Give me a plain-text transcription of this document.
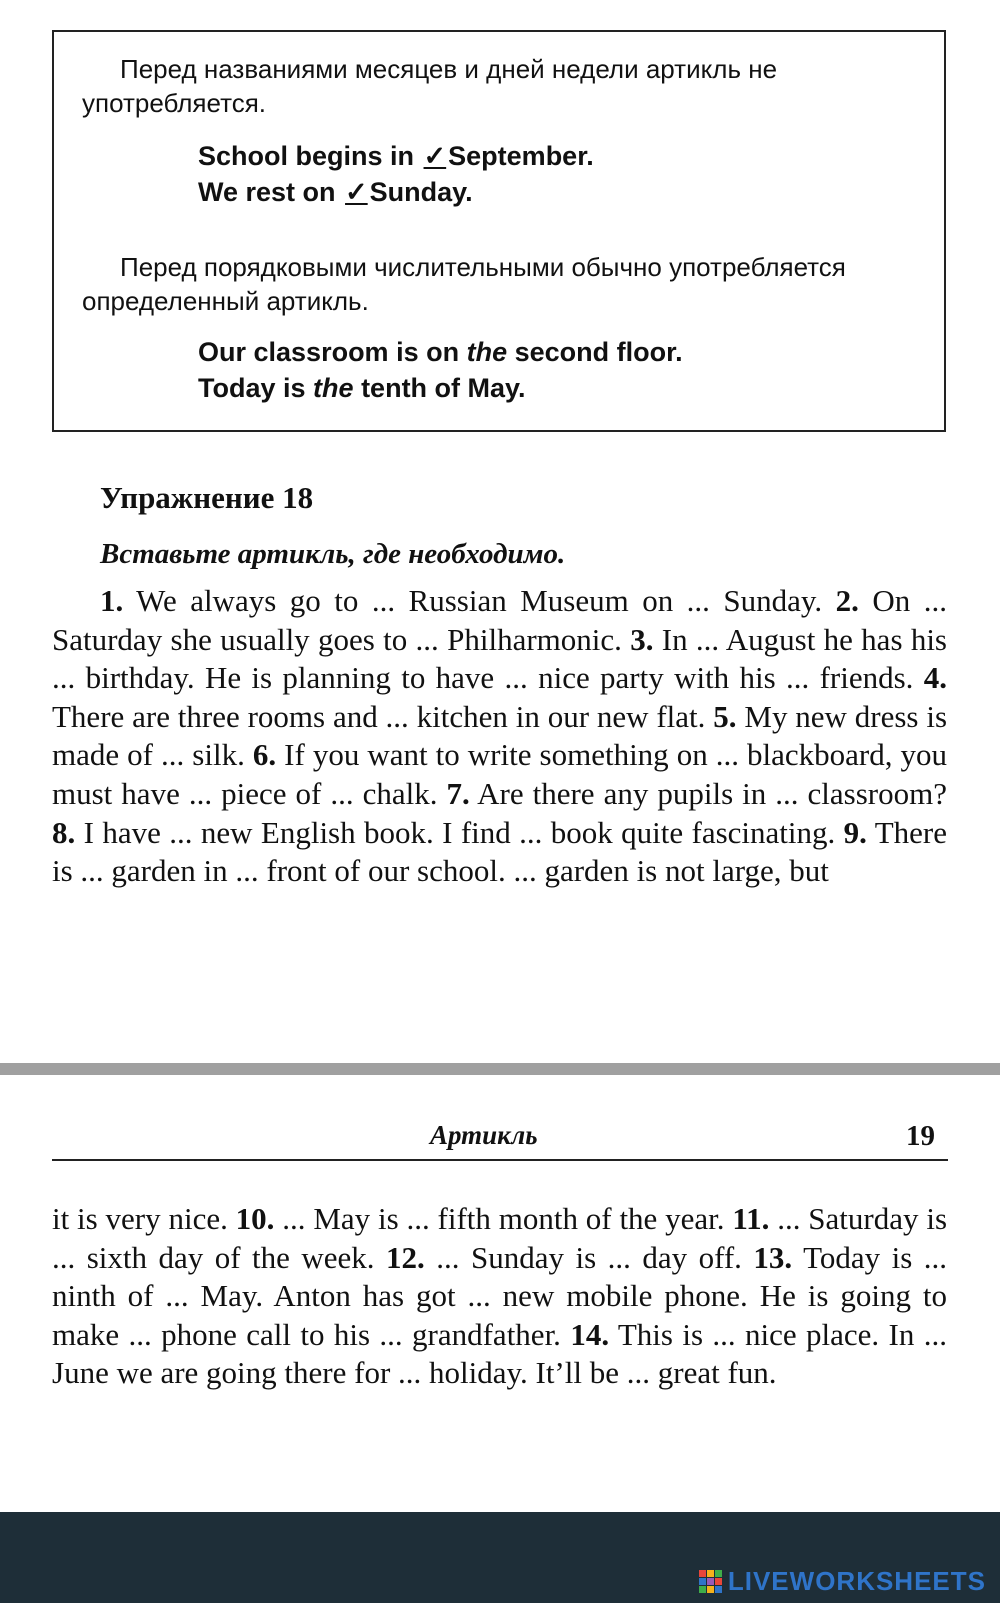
Перед названиями месяцев и дней недели артикль не употребляется.

School begins in ✓September.
We rest on ✓Sunday.

Перед порядковыми числительными обычно употребляется определенный артикль.

Our classroom is on the second floor.
Today is the tenth of May.
Упражнение 18
Вставьте артикль, где необходимо.

1. We always go to ... Russian Museum on ... Sunday. 2. On ... Saturday she usually goes to ... Philharmonic. 3. In ... August he has his ... birthday. He is planning to have ... nice party with his ... friends. 4. There are three rooms and ... kitchen in our new flat. 5. My new dress is made of ... silk. 6. If you want to write something on ... blackboard, you must have ... piece of ... chalk. 7. Are there any pupils in ... classroom? 8. I have ... new English book. I find ... book quite fascinating. 9. There is ... garden in ... front of our school. ... garden is not large, but

Артикль	19

it is very nice. 10. ... May is ... fifth month of the year. 11. ... Saturday is ... sixth day of the week. 12. ... Sunday is ... day off. 13. Today is ... ninth of ... May. Anton has got ... new mobile phone. He is going to make ... phone call to his ... grandfather. 14. This is ... nice place. In ... June we are going there for ... holiday. It’ll be ... great fun.

LIVEWORKSHEETS
